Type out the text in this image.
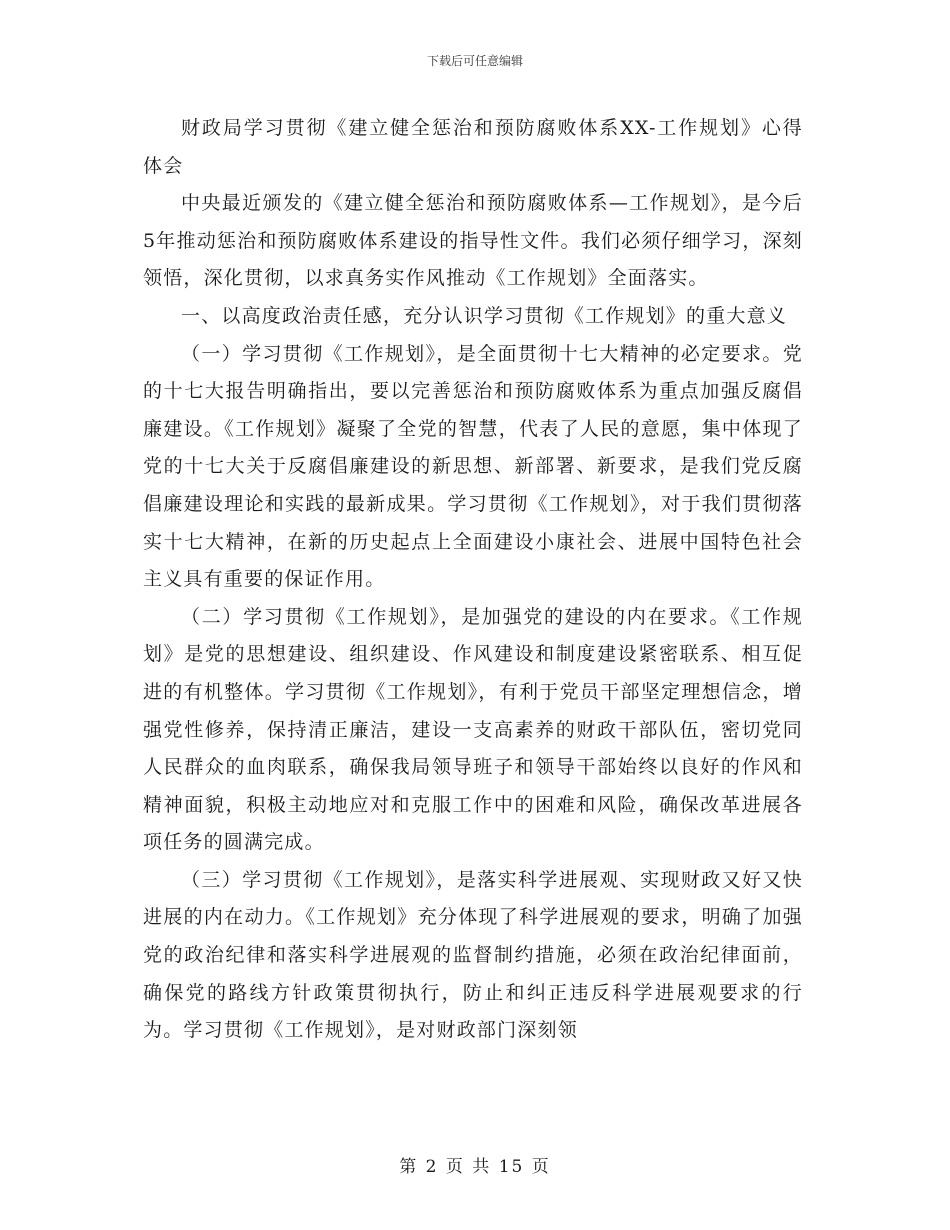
下载后可任意编辑

财政局学习贯彻《建立健全惩治和预防腐败体系XX-工作规划》心得体会

中央最近颁发的《建立健全惩治和预防腐败体系—工作规划》，是今后5年推动惩治和预防腐败体系建设的指导性文件。我们必须仔细学习，深刻领悟，深化贯彻，以求真务实作风推动《工作规划》全面落实。

一、以高度政治责任感，充分认识学习贯彻《工作规划》的重大意义

（一）学习贯彻《工作规划》，是全面贯彻十七大精神的必定要求。党的十七大报告明确指出，要以完善惩治和预防腐败体系为重点加强反腐倡廉建设。《工作规划》凝聚了全党的智慧，代表了人民的意愿，集中体现了党的十七大关于反腐倡廉建设的新思想、新部署、新要求，是我们党反腐倡廉建设理论和实践的最新成果。学习贯彻《工作规划》，对于我们贯彻落实十七大精神，在新的历史起点上全面建设小康社会、进展中国特色社会主义具有重要的保证作用。

（二）学习贯彻《工作规划》，是加强党的建设的内在要求。《工作规划》是党的思想建设、组织建设、作风建设和制度建设紧密联系、相互促进的有机整体。学习贯彻《工作规划》，有利于党员干部坚定理想信念，增强党性修养，保持清正廉洁，建设一支高素养的财政干部队伍，密切党同人民群众的血肉联系，确保我局领导班子和领导干部始终以良好的作风和精神面貌，积极主动地应对和克服工作中的困难和风险，确保改革进展各项任务的圆满完成。

（三）学习贯彻《工作规划》，是落实科学进展观、实现财政又好又快进展的内在动力。《工作规划》充分体现了科学进展观的要求，明确了加强党的政治纪律和落实科学进展观的监督制约措施，必须在政治纪律面前，确保党的路线方针政策贯彻执行，防止和纠正违反科学进展观要求的行为。学习贯彻《工作规划》，是对财政部门深刻领

第 2 页 共 15 页
